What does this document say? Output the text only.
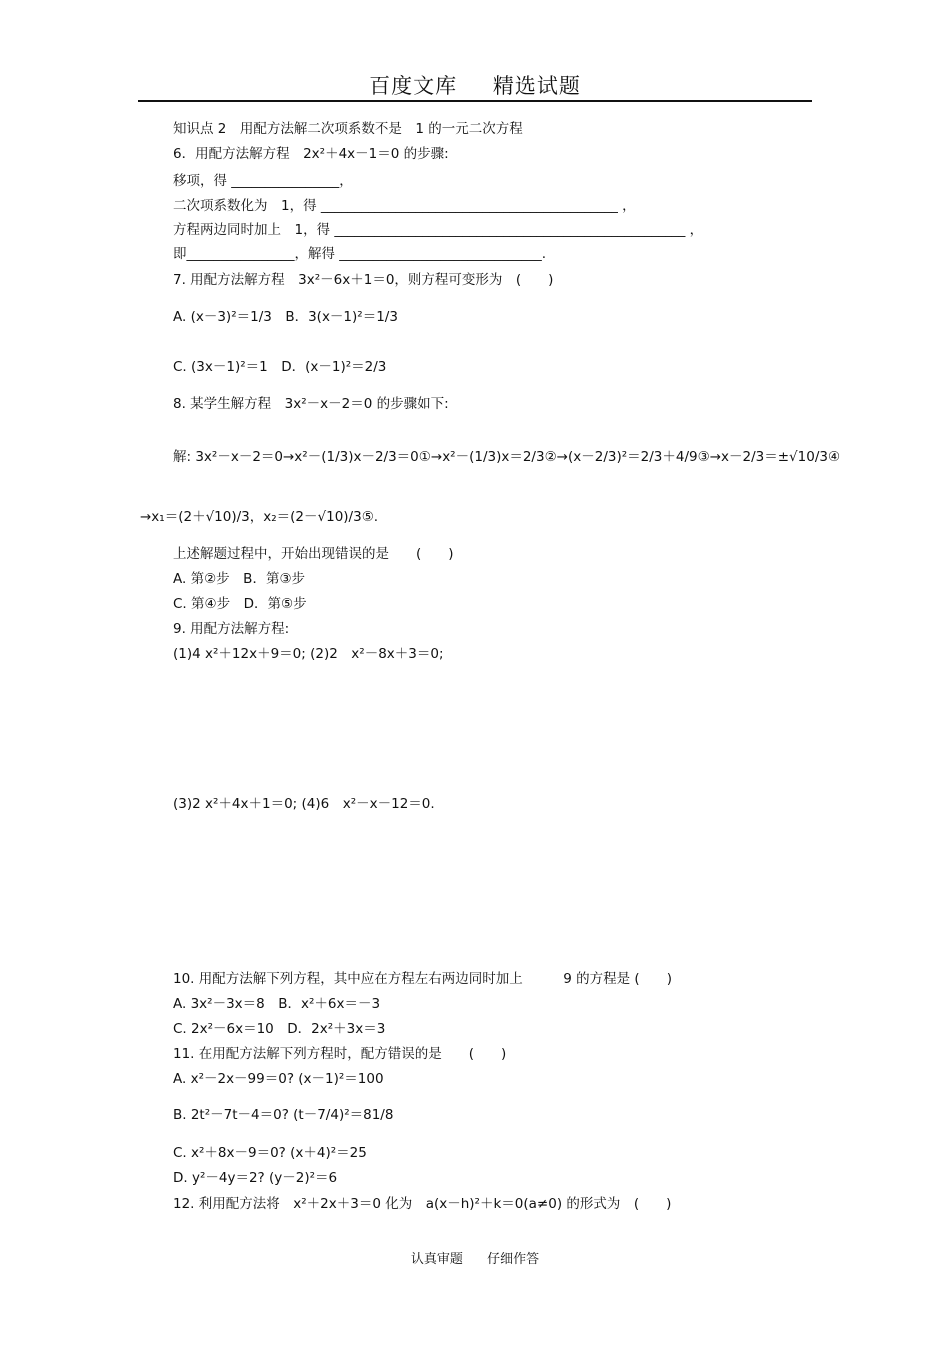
百度文库 精选试题
知识点 2　用配方法解二次项系数不是　1 的一元二次方程
6．用配方法解方程　2x²＋4x－1＝0 的步骤:
移项，得 ________________，
二次项系数化为　1，得 ____________________________________________ ，
方程两边同时加上　1，得 ____________________________________________________ ，
即________________，解得 ______________________________.
7. 用配方法解方程　3x²－6x＋1＝0，则方程可变形为　(　　)
A. (x－3)²＝1/3　B．3(x－1)²＝1/3
C. (3x－1)²＝1　D．(x－1)²＝2/3
8. 某学生解方程　3x²－x－2＝0 的步骤如下:
解: 3x²－x－2＝0→x²－(1/3)x－2/3＝0①→x²－(1/3)x＝2/3②→(x－2/3)²＝2/3＋4/9③→x－2/3＝±√10/3④
→x₁＝(2＋√10)/3，x₂＝(2－√10)/3⑤.
上述解题过程中，开始出现错误的是　　(　　)
A. 第②步　B．第③步
C. 第④步　D．第⑤步
9. 用配方法解方程:
(1)4 x²＋12x＋9＝0; (2)2　x²－8x＋3＝0;
(3)2 x²＋4x＋1＝0; (4)6　x²－x－12＝0.
10. 用配方法解下列方程，其中应在方程左右两边同时加上　　　9 的方程是 (　　)
A. 3x²－3x＝8　B．x²＋6x＝－3
C. 2x²－6x＝10　D．2x²＋3x＝3
11. 在用配方法解下列方程时，配方错误的是　　(　　)
A. x²－2x－99＝0? (x－1)²＝100
B. 2t²－7t－4＝0? (t－7/4)²＝81/8
C. x²＋8x－9＝0? (x＋4)²＝25
D. y²－4y＝2? (y－2)²＝6
12. 利用配方法将　x²＋2x＋3＝0 化为　a(x－h)²＋k＝0(a≠0) 的形式为　(　　)
认真审题 仔细作答
